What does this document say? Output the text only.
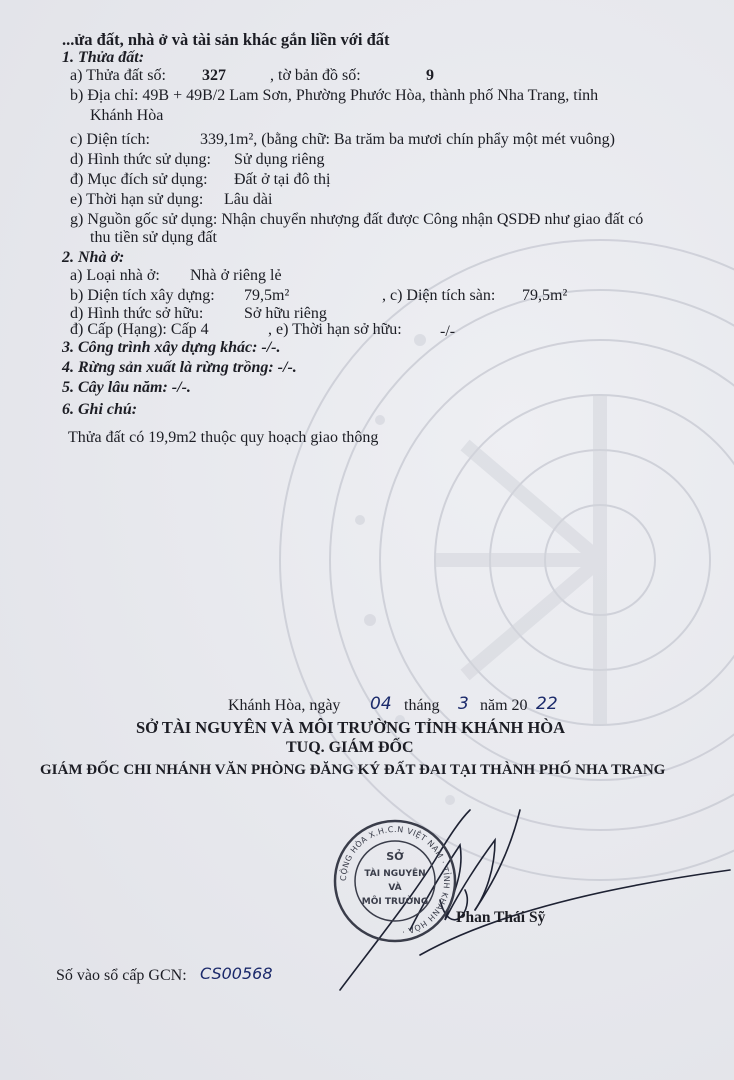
...ửa đất, nhà ở và tài sản khác gắn liền với đất
1. Thửa đất:
a) Thửa đất số: 327	, tờ bản đồ số:	9
b) Địa chỉ: 49B + 49B/2 Lam Sơn, Phường Phước Hòa, thành phố Nha Trang, tỉnh
Khánh Hòa
c) Diện tích:	339,1m², (bằng chữ: Ba trăm ba mươi chín phẩy một mét vuông)
d) Hình thức sử dụng: Sử dụng riêng
đ) Mục đích sử dụng: Đất ở tại đô thị
e) Thời hạn sử dụng: Lâu dài
g) Nguồn gốc sử dụng: Nhận chuyển nhượng đất được Công nhận QSDĐ như giao đất có
thu tiền sử dụng đất
2. Nhà ở:
a) Loại nhà ở: Nhà ở riêng lẻ
b) Diện tích xây dựng: 79,5m²	, c) Diện tích sàn: 79,5m²
d) Hình thức sở hữu:	Sở hữu riêng
đ) Cấp (Hạng): Cấp 4	, e) Thời hạn sở hữu: -/-
3. Công trình xây dựng khác: -/-.
4. Rừng sản xuất là rừng trồng: -/-.
5. Cây lâu năm: -/-.
6. Ghi chú:
Thửa đất có 19,9m2 thuộc quy hoạch giao thông
Khánh Hòa, ngày 04 tháng 3 năm 20 22
SỞ TÀI NGUYÊN VÀ MÔI TRƯỜNG TỈNH KHÁNH HÒA
TUQ. GIÁM ĐỐC
GIÁM ĐỐC CHI NHÁNH VĂN PHÒNG ĐĂNG KÝ ĐẤT ĐAI TẠI THÀNH PHỐ NHA TRANG
CỘNG HÒA X.H.C.N VIỆT NAM · TỈNH KHÁNH HÒA ·
SỞ
TÀI NGUYÊN
VÀ
MÔI TRƯỜNG
Phan Thái Sỹ
Số vào sổ cấp GCN: CS00568
